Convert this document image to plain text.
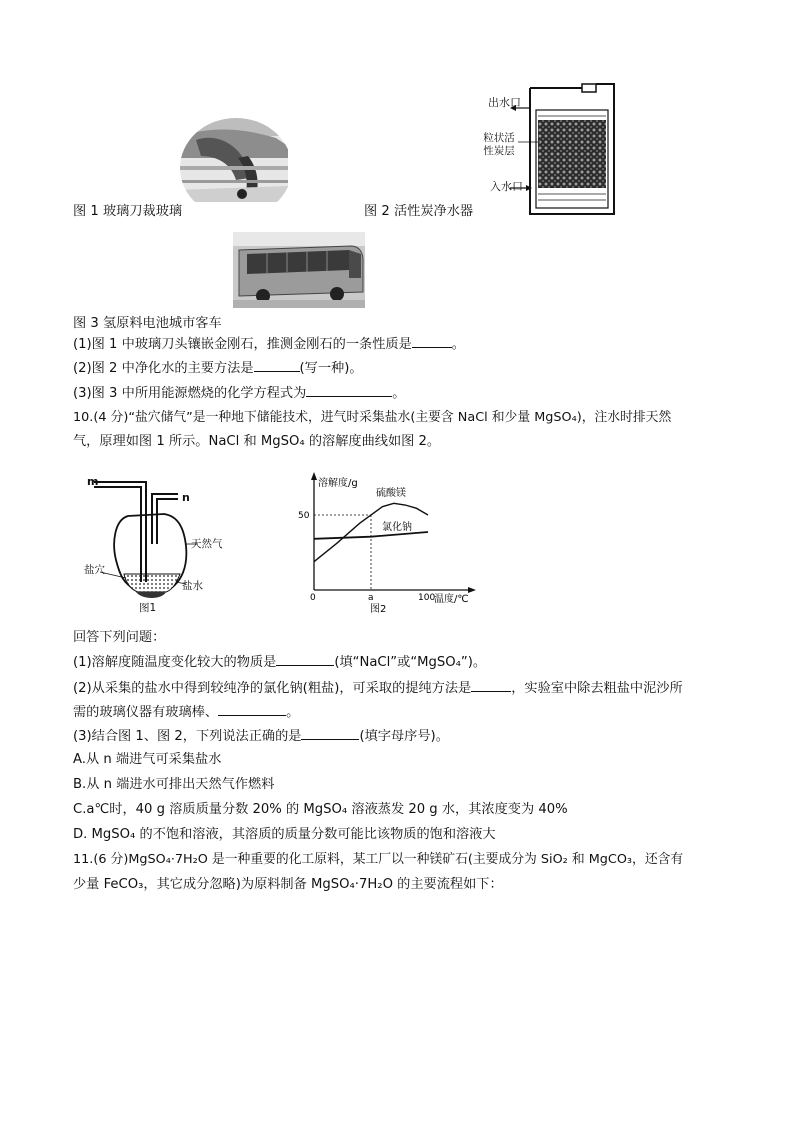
图 1 玻璃刀裁玻璃
出水口
粒状活性炭层
入水口
图 2 活性炭净水器
图 3 氢原料电池城市客车
(1)图 1 中玻璃刀头镶嵌金刚石，推测金刚石的一条性质是	。
(2)图 2 中净化水的主要方法是	(写一种)。
(3)图 3 中所用能源燃烧的化学方程式为	。
10.(4 分)“盐穴储气”是一种地下储能技术，进气时采集盐水(主要含 NaCl 和少量 MgSO₄)，注水时排天然
气，原理如图 1 所示。NaCl 和 MgSO₄ 的溶解度曲线如图 2。
m
n
天然气
盐穴
盐水
图1
溶解度/g
温度/℃
50
0	a	100
硫酸镁
氯化钠
图2
回答下列问题：
(1)溶解度随温度变化较大的物质是	(填“NaCl”或“MgSO₄”)。
(2)从采集的盐水中得到较纯净的氯化钠(粗盐)，可采取的提纯方法是	，实验室中除去粗盐中泥沙所
需的玻璃仪器有玻璃棒、	。
(3)结合图 1、图 2，下列说法正确的是	(填字母序号)。
A.从 n 端进气可采集盐水
B.从 n 端进水可排出天然气作燃料
C.a℃时，40 g 溶质质量分数 20% 的 MgSO₄ 溶液蒸发 20 g 水，其浓度变为 40%
D. MgSO₄ 的不饱和溶液，其溶质的质量分数可能比该物质的饱和溶液大
11.(6 分)MgSO₄·7H₂O 是一种重要的化工原料，某工厂以一种镁矿石(主要成分为 SiO₂ 和 MgCO₃，还含有
少量 FeCO₃，其它成分忽略)为原料制备 MgSO₄·7H₂O 的主要流程如下：
